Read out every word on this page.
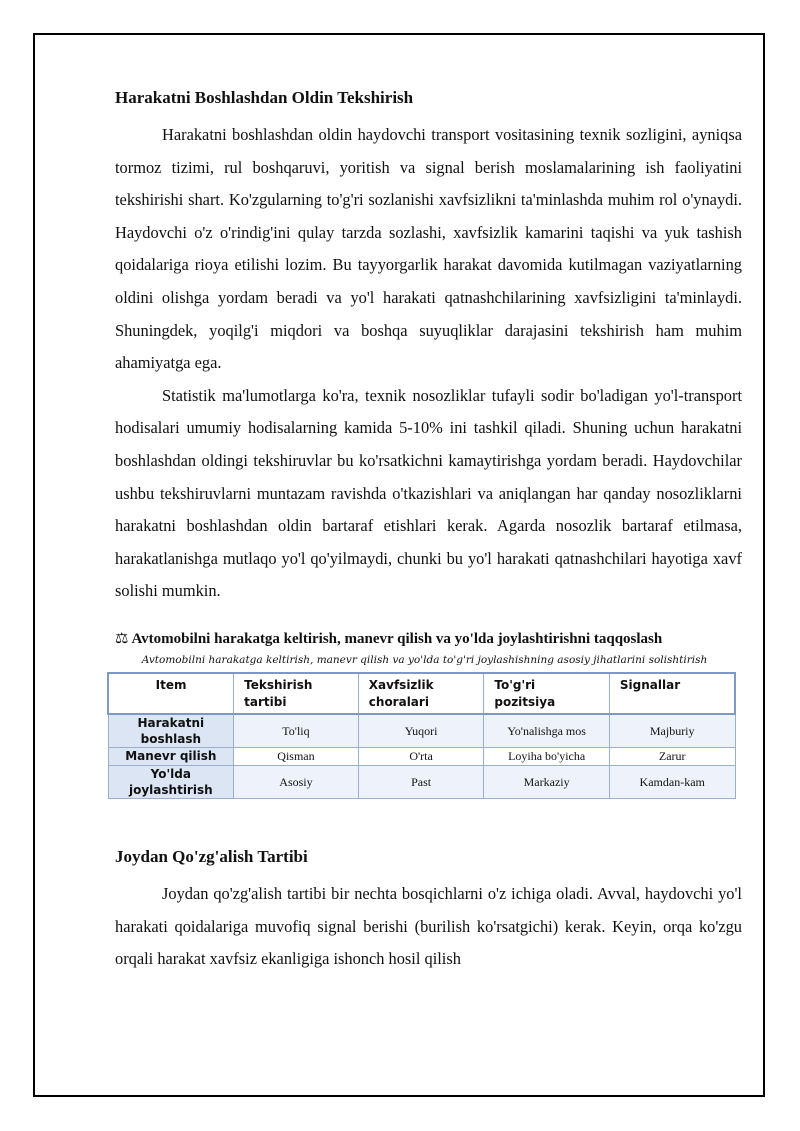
Harakatni Boshlashdan Oldin Tekshirish

Harakatni boshlashdan oldin haydovchi transport vositasining texnik sozligini, ayniqsa tormoz tizimi, rul boshqaruvi, yoritish va signal berish moslamalarining ish faoliyatini tekshirishi shart. Ko'zgularning to'g'ri sozlanishi xavfsizlikni ta'minlashda muhim rol o'ynaydi. Haydovchi o'z o'rindig'ini qulay tarzda sozlashi, xavfsizlik kamarini taqishi va yuk tashish qoidalariga rioya etilishi lozim. Bu tayyorgarlik harakat davomida kutilmagan vaziyatlarning oldini olishga yordam beradi va yo'l harakati qatnashchilarining xavfsizligini ta'minlaydi. Shuningdek, yoqilg'i miqdori va boshqa suyuqliklar darajasini tekshirish ham muhim ahamiyatga ega.

Statistik ma'lumotlarga ko'ra, texnik nosozliklar tufayli sodir bo'ladigan yo'l-transport hodisalari umumiy hodisalarning kamida 5-10% ini tashkil qiladi. Shuning uchun harakatni boshlashdan oldingi tekshiruvlar bu ko'rsatkichni kamaytirishga yordam beradi. Haydovchilar ushbu tekshiruvlarni muntazam ravishda o'tkazishlari va aniqlangan har qanday nosozliklarni harakatni boshlashdan oldin bartaraf etishlari kerak. Agarda nosozlik bartaraf etilmasa, harakatlanishga mutlaqo yo'l qo'yilmaydi, chunki bu yo'l harakati qatnashchilari hayotiga xavf solishi mumkin.

⚖ Avtomobilni harakatga keltirish, manevr qilish va yo'lda joylashtirishni taqqoslash
Avtomobilni harakatga keltirish, manevr qilish va yo'lda to'g'ri joylashishning asosiy jihatlarini solishtirish
Item	Tekshirish tartibi	Xavfsizlik choralari	To'g'ri pozitsiya	Signallar
Harakatni boshlash	To'liq	Yuqori	Yo'nalishga mos	Majburiy
Manevr qilish	Qisman	O'rta	Loyiha bo'yicha	Zarur
Yo'lda joylashtirish	Asosiy	Past	Markaziy	Kamdan-kam
Joydan Qo'zg'alish Tartibi

Joydan qo'zg'alish tartibi bir nechta bosqichlarni o'z ichiga oladi. Avval, haydovchi yo'l harakati qoidalariga muvofiq signal berishi (burilish ko'rsatgichi) kerak. Keyin, orqa ko'zgu orqali harakat xavfsiz ekanligiga ishonch hosil qilish
